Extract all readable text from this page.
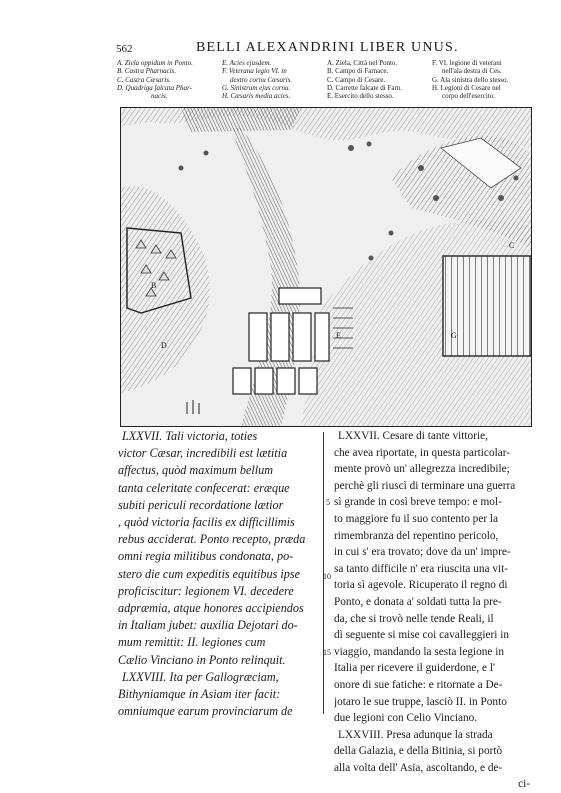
562	BELLI ALEXANDRINI LIBER UNUS.
A. Ziela oppidum in Ponto.
B. Castra Pharnacis.
C. Castra Cæsaris.
D. Quadriga falcata Phar-
nacis.
E. Acies ejusdem.
F. Veterana legio VI. in
dextro cornu Cæsaris.
G. Sinistrum ejus cornu.
H. Cæsaris media acies.
A. Ziela, Città nel Ponto.
B. Campo di Farnace.
C. Campo di Cesare.
D. Carrette falcate di Farn.
E. Esercito dello stesso.
F. VI. legione di veterani
nell'ala destra di Ces.
G. Ala sinistra dello stesso.
H. Legioni di Cesare nel
corpo dell'esercito.
B
C
D
E	G
LXXVII. Tali victoria, toties
victor Cæsar, incredibili est lætitia
affectus, quòd maximum bellum
tanta celeritate confecerat: eræque
subiti periculi recordatione lætior
, quòd victoria facilis ex difficillimis
rebus acciderat. Ponto recepto, præda
omni regia militibus condonata, po-
stero die cum expeditis equitibus ipse
proficiscitur: legionem VI. decedere
adpræmia, atque honores accipiendos
in Italiam jubet: auxilia Dejotari do-
mum remittit: II. legiones cum
Cælio Vinciano in Ponto relinquit.
LXXVIII. Ita per Gallogræciam,
Bithyniamque in Asiam iter facit:
omniumque earum provinciarum de
5
10
15
LXXVII. Cesare di tante vittorie,
che avea riportate, in questa particolar-
mente provò un' allegrezza incredibile;
perchè gli riuscì di terminare una guerra
sì grande in così breve tempo: e mol-
to maggiore fu il suo contento per la
rimembranza del repentino pericolo,
in cui s' era trovato; dove da un' impre-
sa tanto difficile n' era riuscita una vit-
toria sì agevole. Ricuperato il regno di
Ponto, e donata a' soldati tutta la pre-
da, che si trovò nelle tende Reali, il
dì seguente si mise coi cavalleggieri in
viaggio, mandando la sesta legione in
Italia per ricevere il guiderdone, e l'
onore di sue fatiche: e ritornate a De-
jotaro le sue truppe, lasciò II. in Ponto
due legioni con Celio Vinciano.
LXXVIII. Presa adunque la strada
della Galazia, e della Bitinia, si portò
alla volta dell' Asia, ascoltando, e de-
ci-
